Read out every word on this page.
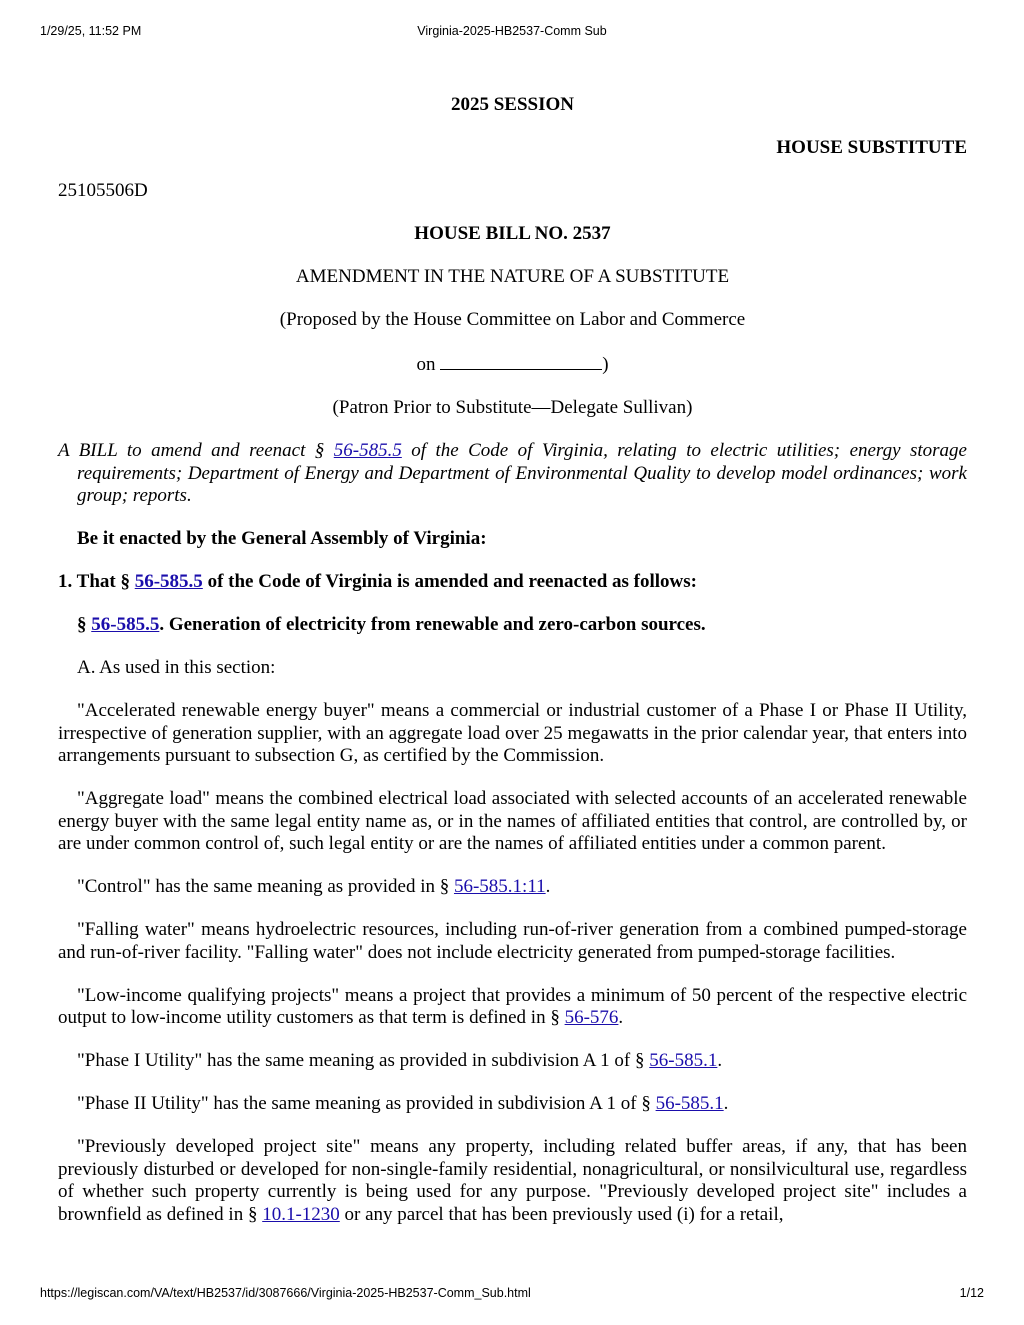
1/29/25, 11:52 PM	Virginia-2025-HB2537-Comm Sub

2025 SESSION

HOUSE SUBSTITUTE

25105506D

HOUSE BILL NO. 2537

AMENDMENT IN THE NATURE OF A SUBSTITUTE

(Proposed by the House Committee on Labor and Commerce

on	)

(Patron Prior to Substitute—Delegate Sullivan)

A BILL to amend and reenact § 56-585.5 of the Code of Virginia, relating to electric utilities; energy storage requirements; Department of Energy and Department of Environmental Quality to develop model ordinances; work group; reports.

Be it enacted by the General Assembly of Virginia:

1. That § 56-585.5 of the Code of Virginia is amended and reenacted as follows:

§ 56-585.5. Generation of electricity from renewable and zero-carbon sources.

A. As used in this section:

"Accelerated renewable energy buyer" means a commercial or industrial customer of a Phase I or Phase II Utility, irrespective of generation supplier, with an aggregate load over 25 megawatts in the prior calendar year, that enters into arrangements pursuant to subsection G, as certified by the Commission.

"Aggregate load" means the combined electrical load associated with selected accounts of an accelerated renewable energy buyer with the same legal entity name as, or in the names of affiliated entities that control, are controlled by, or are under common control of, such legal entity or are the names of affiliated entities under a common parent.

"Control" has the same meaning as provided in § 56-585.1:11.

"Falling water" means hydroelectric resources, including run-of-river generation from a combined pumped-storage and run-of-river facility. "Falling water" does not include electricity generated from pumped-storage facilities.

"Low-income qualifying projects" means a project that provides a minimum of 50 percent of the respective electric output to low-income utility customers as that term is defined in § 56-576.

"Phase I Utility" has the same meaning as provided in subdivision A 1 of § 56-585.1.

"Phase II Utility" has the same meaning as provided in subdivision A 1 of § 56-585.1.

"Previously developed project site" means any property, including related buffer areas, if any, that has been previously disturbed or developed for non-single-family residential, nonagricultural, or nonsilvicultural use, regardless of whether such property currently is being used for any purpose. "Previously developed project site" includes a brownfield as defined in § 10.1-1230 or any parcel that has been previously used (i) for a retail,

https://legiscan.com/VA/text/HB2537/id/3087666/Virginia-2025-HB2537-Comm_Sub.html	1/12
